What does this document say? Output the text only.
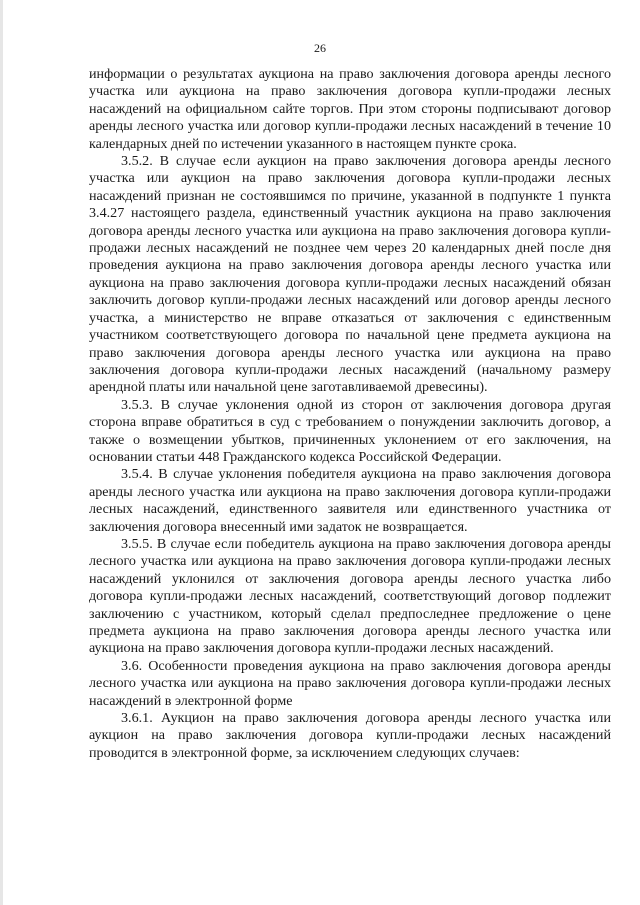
26

информации о результатах аукциона на право заключения договора аренды лесного участка или аукциона на право заключения договора купли-продажи лесных насаждений на официальном сайте торгов. При этом стороны подписывают договор аренды лесного участка или договор купли-продажи лесных насаждений в течение 10 календарных дней по истечении указанного в настоящем пункте срока.

3.5.2. В случае если аукцион на право заключения договора аренды лесного участка или аукцион на право заключения договора купли-продажи лесных насаждений признан не состоявшимся по причине, указанной в подпункте 1 пункта 3.4.27 настоящего раздела, единственный участник аукциона на право заключения договора аренды лесного участка или аукциона на право заключения договора купли-продажи лесных насаждений не позднее чем через 20 календарных дней после дня проведения аукциона на право заключения договора аренды лесного участка или аукциона на право заключения договора купли-продажи лесных насаждений обязан заключить договор купли-продажи лесных насаждений или договор аренды лесного участка, а министерство не вправе отказаться от заключения с единственным участником соответствующего договора по начальной цене предмета аукциона на право заключения договора аренды лесного участка или аукциона на право заключения договора купли-продажи лесных насаждений (начальному размеру арендной платы или начальной цене заготавливаемой древесины).

3.5.3. В случае уклонения одной из сторон от заключения договора другая сторона вправе обратиться в суд с требованием о понуждении заключить договор, а также о возмещении убытков, причиненных уклонением от его заключения, на основании статьи 448 Гражданского кодекса Российской Федерации.

3.5.4. В случае уклонения победителя аукциона на право заключения договора аренды лесного участка или аукциона на право заключения договора купли-продажи лесных насаждений, единственного заявителя или единственного участника от заключения договора внесенный ими задаток не возвращается.

3.5.5. В случае если победитель аукциона на право заключения договора аренды лесного участка или аукциона на право заключения договора купли-продажи лесных насаждений уклонился от заключения договора аренды лесного участка либо договора купли-продажи лесных насаждений, соответствующий договор подлежит заключению с участником, который сделал предпоследнее предложение о цене предмета аукциона на право заключения договора аренды лесного участка или аукциона на право заключения договора купли-продажи лесных насаждений.

3.6. Особенности проведения аукциона на право заключения договора аренды лесного участка или аукциона на право заключения договора купли-продажи лесных насаждений в электронной форме

3.6.1. Аукцион на право заключения договора аренды лесного участка или аукцион на право заключения договора купли-продажи лесных насаждений проводится в электронной форме, за исключением следующих случаев:
